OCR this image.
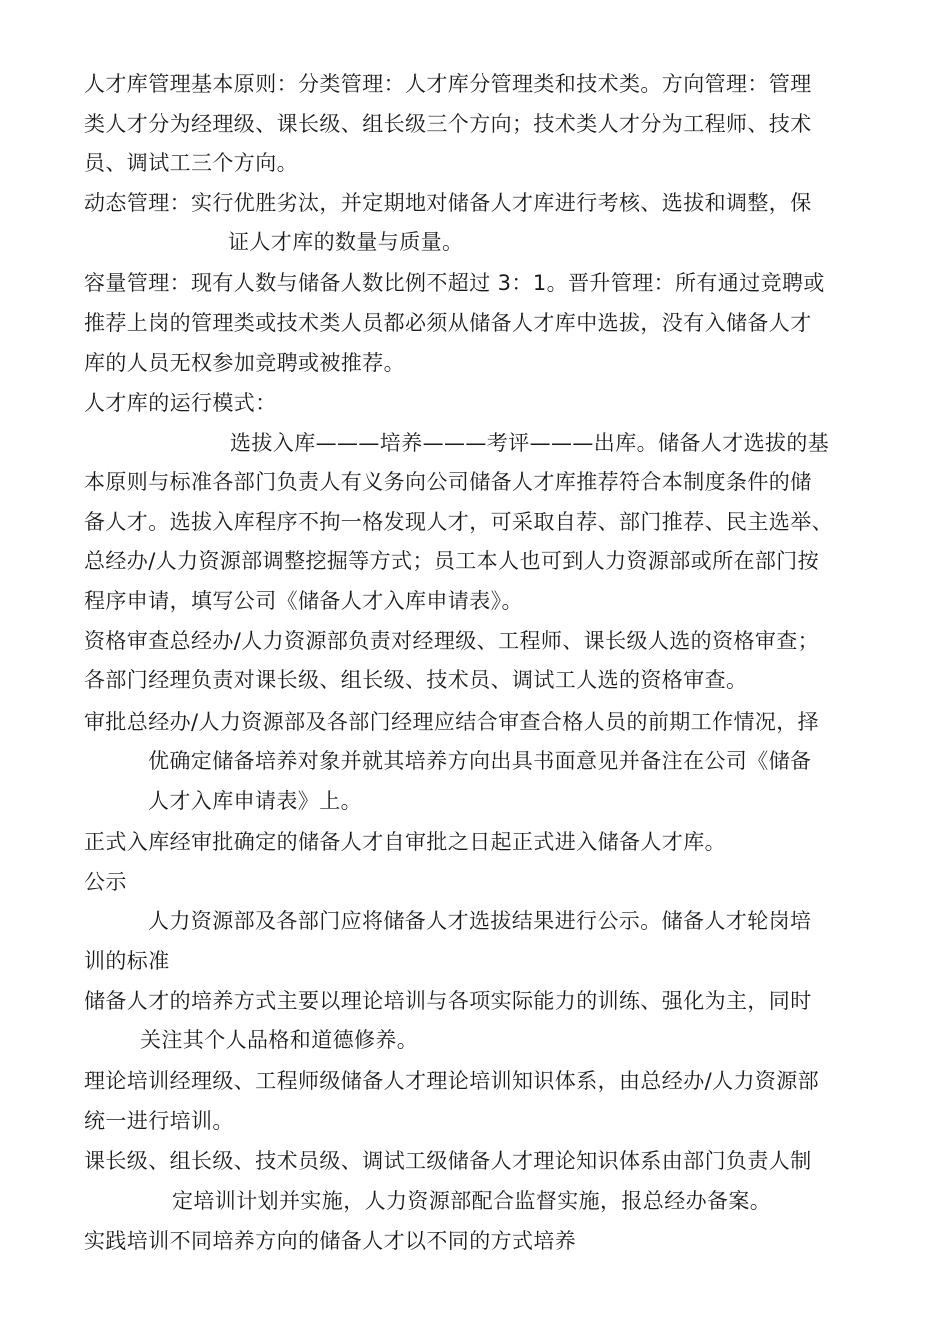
人才库管理基本原则：分类管理：人才库分管理类和技术类。方向管理：管理
类人才分为经理级、课长级、组长级三个方向；技术类人才分为工程师、技术
员、调试工三个方向。
动态管理：实行优胜劣汰，并定期地对储备人才库进行考核、选拔和调整，保
证人才库的数量与质量。
容量管理：现有人数与储备人数比例不超过 3：1。晋升管理：所有通过竞聘或
推荐上岗的管理类或技术类人员都必须从储备人才库中选拔，没有入储备人才
库的人员无权参加竞聘或被推荐。
人才库的运行模式：
选拔入库———培养———考评———出库。储备人才选拔的基
本原则与标准各部门负责人有义务向公司储备人才库推荐符合本制度条件的储
备人才。选拔入库程序不拘一格发现人才，可采取自荐、部门推荐、民主选举、
总经办/人力资源部调整挖掘等方式；员工本人也可到人力资源部或所在部门按
程序申请，填写公司《储备人才入库申请表》。
资格审查总经办/人力资源部负责对经理级、工程师、课长级人选的资格审查；
各部门经理负责对课长级、组长级、技术员、调试工人选的资格审查。
审批总经办/人力资源部及各部门经理应结合审查合格人员的前期工作情况，择
优确定储备培养对象并就其培养方向出具书面意见并备注在公司《储备
人才入库申请表》上。
正式入库经审批确定的储备人才自审批之日起正式进入储备人才库。
公示
人力资源部及各部门应将储备人才选拔结果进行公示。储备人才轮岗培
训的标准
储备人才的培养方式主要以理论培训与各项实际能力的训练、强化为主，同时
关注其个人品格和道德修养。
理论培训经理级、工程师级储备人才理论培训知识体系，由总经办/人力资源部
统一进行培训。
课长级、组长级、技术员级、调试工级储备人才理论知识体系由部门负责人制
定培训计划并实施，人力资源部配合监督实施，报总经办备案。
实践培训不同培养方向的储备人才以不同的方式培养
